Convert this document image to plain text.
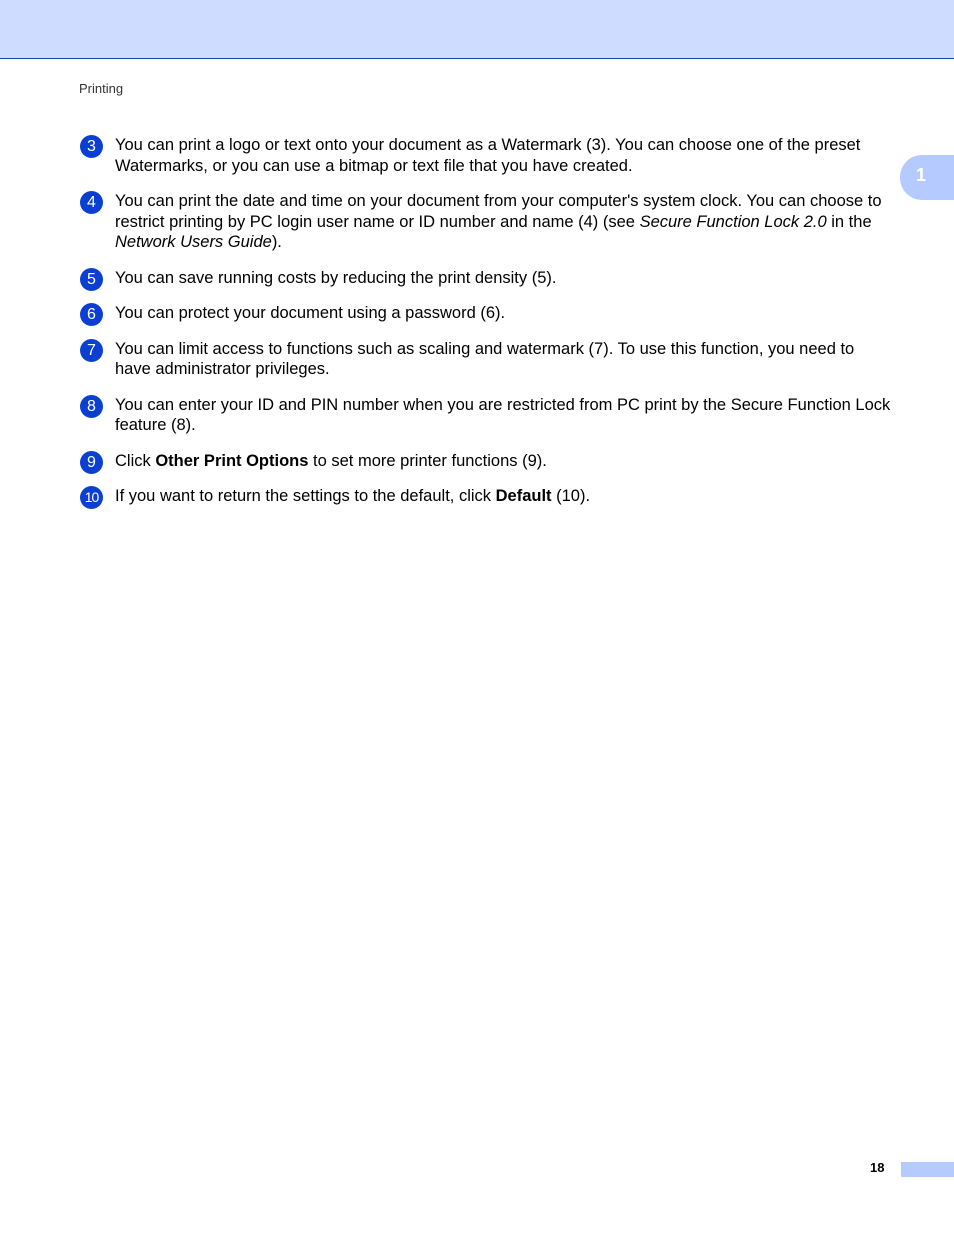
Printing
1
3	You can print a logo or text onto your document as a Watermark (3). You can choose one of the preset Watermarks, or you can use a bitmap or text file that you have created.
4	You can print the date and time on your document from your computer's system clock. You can choose to restrict printing by PC login user name or ID number and name (4) (see Secure Function Lock 2.0 in the Network Users Guide).
5	You can save running costs by reducing the print density (5).
6	You can protect your document using a password (6).
7	You can limit access to functions such as scaling and watermark (7). To use this function, you need to have administrator privileges.
8	You can enter your ID and PIN number when you are restricted from PC print by the Secure Function Lock feature (8).
9	Click Other Print Options to set more printer functions (9).
10 If you want to return the settings to the default, click Default (10).
18
